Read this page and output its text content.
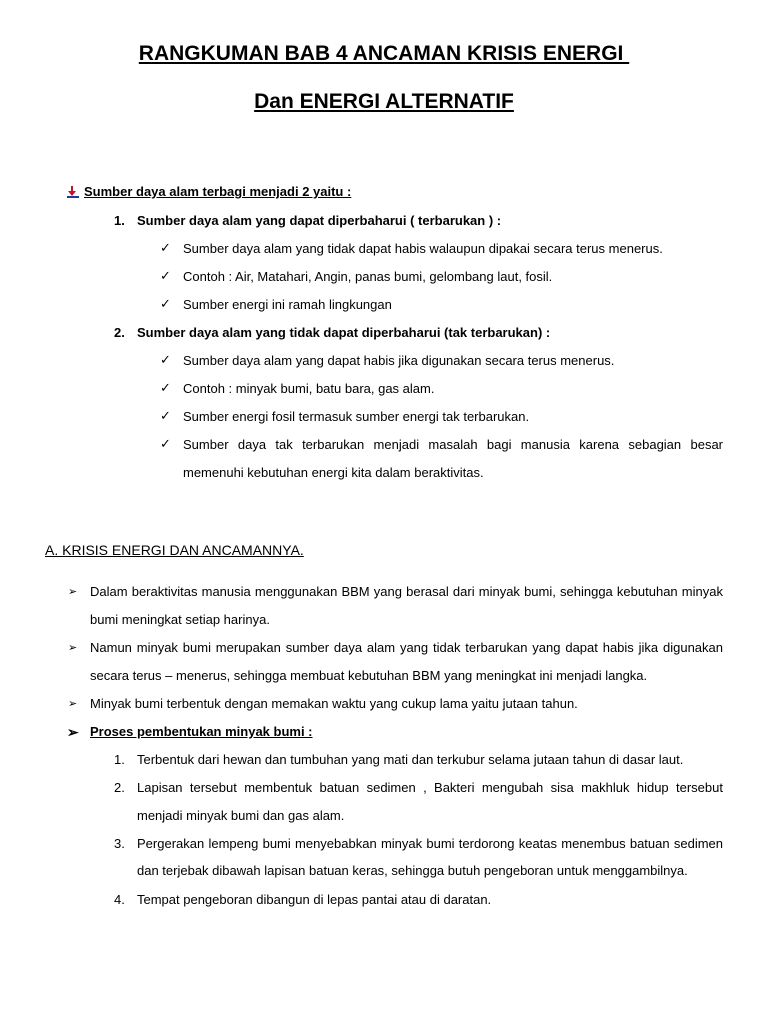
RANGKUMAN BAB 4 ANCAMAN KRISIS ENERGI
Dan ENERGI ALTERNATIF
Sumber daya alam terbagi menjadi 2 yaitu :
1. Sumber daya alam yang dapat diperbaharui ( terbarukan ) :
✓ Sumber daya alam yang tidak dapat habis walaupun dipakai secara terus menerus.
✓ Contoh : Air, Matahari, Angin, panas bumi, gelombang laut, fosil.
✓ Sumber energi ini ramah lingkungan
2. Sumber daya alam yang tidak dapat diperbaharui (tak terbarukan) :
✓ Sumber daya alam yang dapat habis jika digunakan secara terus menerus.
✓ Contoh : minyak bumi, batu bara, gas alam.
✓ Sumber energi fosil termasuk sumber energi tak terbarukan.
✓ Sumber daya tak terbarukan menjadi masalah bagi manusia karena sebagian besar
memenuhi kebutuhan energi kita dalam beraktivitas.
A. KRISIS ENERGI DAN ANCAMANNYA.
➢ Dalam beraktivitas manusia menggunakan BBM yang berasal dari minyak bumi, sehingga kebutuhan minyak
bumi meningkat setiap harinya.
➢ Namun minyak bumi merupakan sumber daya alam yang tidak terbarukan yang dapat habis jika digunakan
secara terus – menerus, sehingga membuat kebutuhan BBM yang meningkat ini menjadi langka.
➢ Minyak bumi terbentuk dengan memakan waktu yang cukup lama yaitu jutaan tahun.
➢ Proses pembentukan minyak bumi :
1. Terbentuk dari hewan dan tumbuhan yang mati dan terkubur selama jutaan tahun di dasar laut.
2. Lapisan tersebut membentuk batuan sedimen , Bakteri mengubah sisa makhluk hidup tersebut
menjadi minyak bumi dan gas alam.
3. Pergerakan lempeng bumi menyebabkan minyak bumi terdorong keatas menembus batuan sedimen
dan terjebak dibawah lapisan batuan keras, sehingga butuh pengeboran untuk menggambilnya.
4. Tempat pengeboran dibangun di lepas pantai atau di daratan.
